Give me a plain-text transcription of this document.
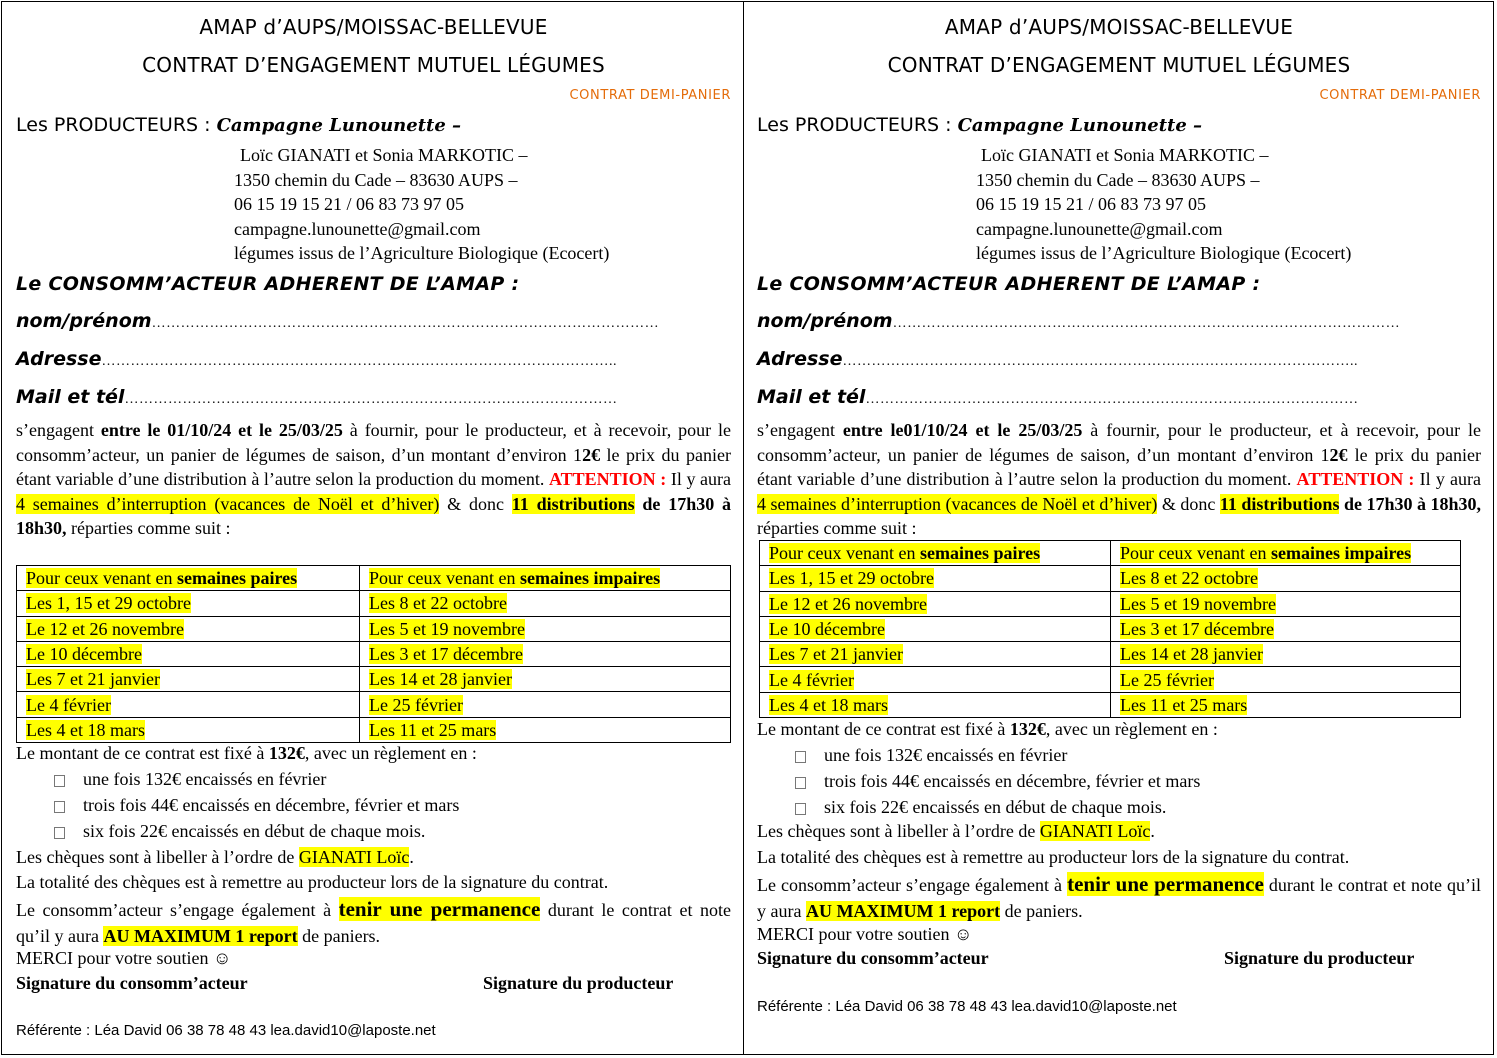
AMAP d’AUPS/MOISSAC-BELLEVUE
CONTRAT D’ENGAGEMENT MUTUEL LÉGUMES
CONTRAT DEMI-PANIER
Les PRODUCTEURS : Campagne Lunounette –
Loïc GIANATI et Sonia MARKOTIC –
1350 chemin du Cade – 83630 AUPS –
06 15 19 15 21 / 06 83 73 97 05
campagne.lunounette@gmail.com
légumes issus de l’Agriculture Biologique (Ecocert)
Le CONSOMM’ACTEUR ADHERENT DE L’AMAP :
nom/prénom……………………………………………………………………………………………
Adresse……………………………………………………………………………………………..
Mail et tél…………………………………………………………………………………………
s’engagent entre le 01/10/24 et le 25/03/25 à fournir, pour le producteur, et à recevoir, pour le consomm’acteur, un panier de légumes de saison, d’un montant d’environ 12€ le prix du panier étant variable d’une distribution à l’autre selon la production du moment. ATTENTION : Il y aura 4 semaines d’interruption (vacances de Noël et d’hiver) & donc 11 distributions de 17h30 à 18h30, réparties comme suit :
Pour ceux venant en semaines paires	Pour ceux venant en semaines impaires
Les 1, 15 et 29 octobre	Les 8 et 22 octobre
Le 12 et 26 novembre	Les 5 et 19 novembre
Le 10 décembre	Les 3 et 17 décembre
Les 7 et 21 janvier	Les 14 et 28 janvier
Le 4 février	Le 25 février
Les 4 et 18 mars	Les 11 et 25 mars
Le montant de ce contrat est fixé à 132€, avec un règlement en :
une fois 132€ encaissés en février
trois fois 44€ encaissés en décembre, février et mars
six fois 22€ encaissés en début de chaque mois.
Les chèques sont à libeller à l’ordre de GIANATI Loïc.
La totalité des chèques est à remettre au producteur lors de la signature du contrat.
Le consomm’acteur s’engage également à tenir une permanence durant le contrat et note qu’il y aura AU MAXIMUM 1 report de paniers.
MERCI pour votre soutien ☺
Signature du consomm’acteur	Signature du producteur
Référente : Léa David 06 38 78 48 43 lea.david10@laposte.net
AMAP d’AUPS/MOISSAC-BELLEVUE
CONTRAT D’ENGAGEMENT MUTUEL LÉGUMES
CONTRAT DEMI-PANIER
Les PRODUCTEURS : Campagne Lunounette –
Loïc GIANATI et Sonia MARKOTIC –
1350 chemin du Cade – 83630 AUPS –
06 15 19 15 21 / 06 83 73 97 05
campagne.lunounette@gmail.com
légumes issus de l’Agriculture Biologique (Ecocert)
Le CONSOMM’ACTEUR ADHERENT DE L’AMAP :
nom/prénom……………………………………………………………………………………………
Adresse……………………………………………………………………………………………..
Mail et tél…………………………………………………………………………………………
s’engagent entre le01/10/24 et le 25/03/25 à fournir, pour le producteur, et à recevoir, pour le consomm’acteur, un panier de légumes de saison, d’un montant d’environ 12€ le prix du panier étant variable d’une distribution à l’autre selon la production du moment. ATTENTION : Il y aura 4 semaines d’interruption (vacances de Noël et d’hiver) & donc 11 distributions de 17h30 à 18h30, réparties comme suit :
Pour ceux venant en semaines paires	Pour ceux venant en semaines impaires
Les 1, 15 et 29 octobre	Les 8 et 22 octobre
Le 12 et 26 novembre	Les 5 et 19 novembre
Le 10 décembre	Les 3 et 17 décembre
Les 7 et 21 janvier	Les 14 et 28 janvier
Le 4 février	Le 25 février
Les 4 et 18 mars	Les 11 et 25 mars
Le montant de ce contrat est fixé à 132€, avec un règlement en :
une fois 132€ encaissés en février
trois fois 44€ encaissés en décembre, février et mars
six fois 22€ encaissés en début de chaque mois.
Les chèques sont à libeller à l’ordre de GIANATI Loïc.
La totalité des chèques est à remettre au producteur lors de la signature du contrat.
Le consomm’acteur s’engage également à tenir une permanence durant le contrat et note qu’il y aura AU MAXIMUM 1 report de paniers.
MERCI pour votre soutien ☺
Signature du consomm’acteur	Signature du producteur
Référente : Léa David 06 38 78 48 43 lea.david10@laposte.net
